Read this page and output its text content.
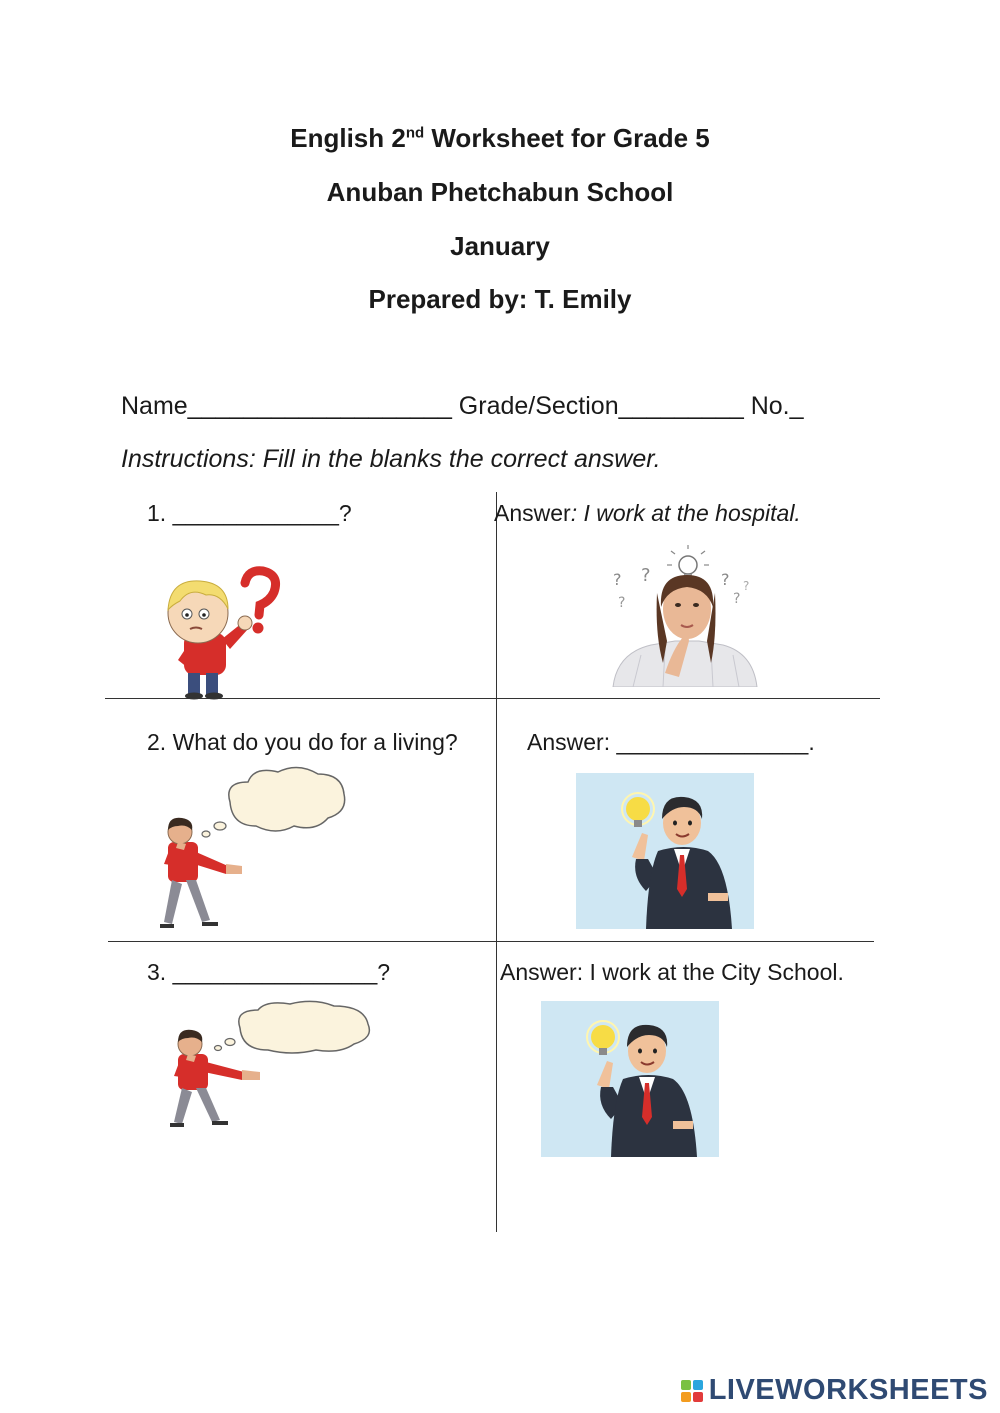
English 2nd Worksheet for Grade 5
Anuban Phetchabun School
January
Prepared by: T. Emily
Name___________________ Grade/Section_________ No._
Instructions: Fill in the blanks the correct answer.
1. _____________?	Answer: I work at the hospital.
? ?
?
?
?
?
2. What do you do for a living?	Answer: _______________.
3. ________________?	Answer: I work at the City School.
LIVEWORKSHEETS
